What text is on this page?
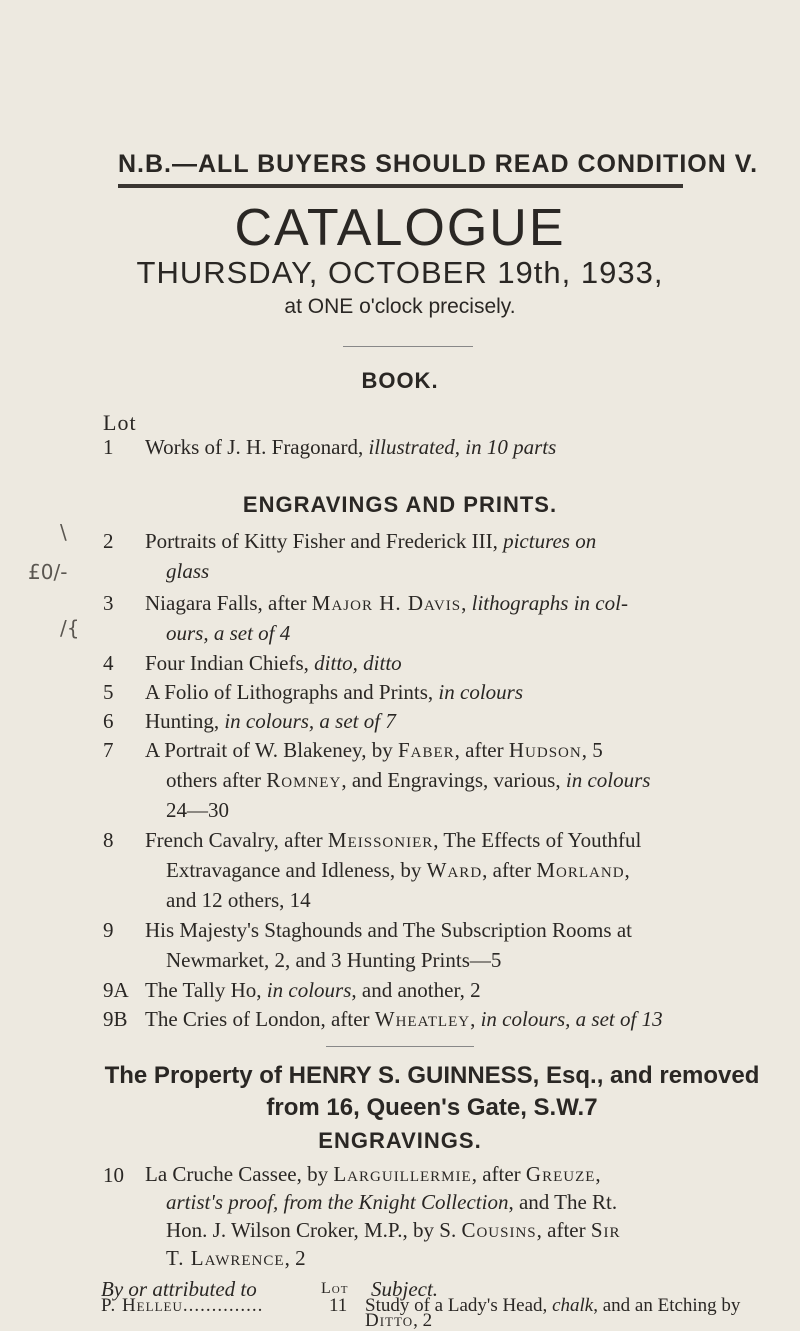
N.B.—ALL BUYERS SHOULD READ CONDITION V.
CATALOGUE
THURSDAY, OCTOBER 19th, 1933,
at ONE o'clock precisely.
BOOK.
Lot
1	Works of J. H. Fragonard, illustrated, in 10 parts
ENGRAVINGS AND PRINTS.
\
£0/-
/{
2	Portraits of Kitty Fisher and Frederick III, pictures on
glass
3	Niagara Falls, after Major H. Davis, lithographs in col-
ours, a set of 4
4	Four Indian Chiefs, ditto, ditto
5	A Folio of Lithographs and Prints, in colours
6	Hunting, in colours, a set of 7
7	A Portrait of W. Blakeney, by Faber, after Hudson, 5
others after Romney, and Engravings, various, in colours
24—30
8	French Cavalry, after Meissonier, The Effects of Youthful
Extravagance and Idleness, by Ward, after Morland,
and 12 others, 14
9	His Majesty's Staghounds and The Subscription Rooms at
Newmarket, 2, and 3 Hunting Prints—5
9A The Tally Ho, in colours, and another, 2
9B The Cries of London, after Wheatley, in colours, a set of 13
The Property of HENRY S. GUINNESS, Esq., and removed
from 16, Queen's Gate, S.W.7
ENGRAVINGS.
10	La Cruche Cassee, by Larguillermie, after Greuze,
artist's proof, from the Knight Collection, and The Rt.
Hon. J. Wilson Croker, M.P., by S. Cousins, after Sir
T. Lawrence, 2
By or attributed to	Lot Subject.
P. Helleu..............	11 Study of a Lady's Head, chalk, and an Etching by Ditto, 2
